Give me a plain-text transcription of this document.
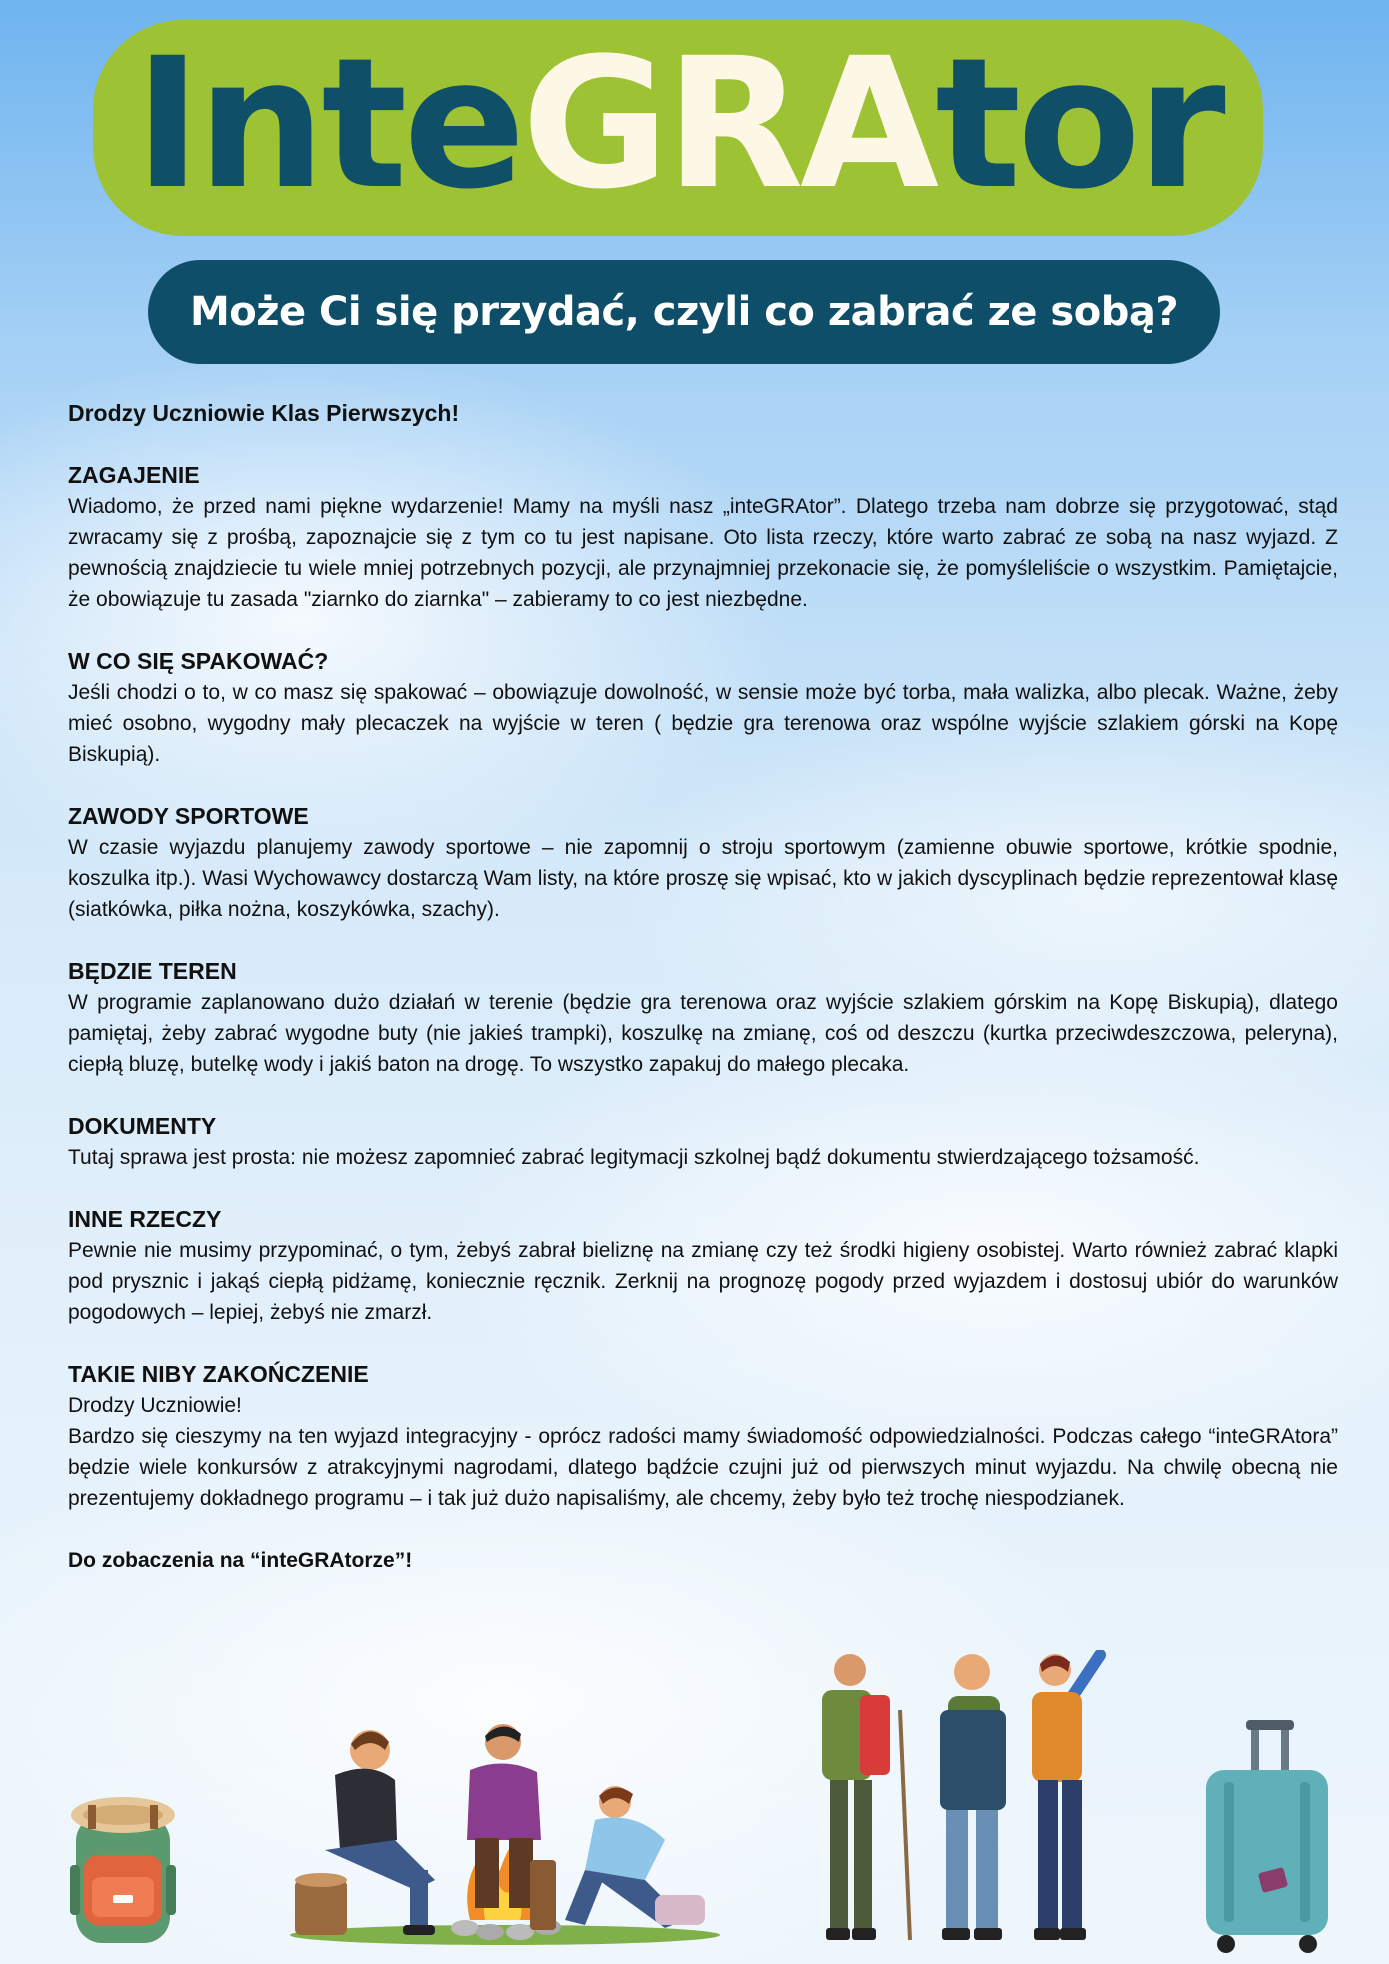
InteGRAtor
Może Ci się przydać, czyli co zabrać ze sobą?

Drodzy Uczniowie Klas Pierwszych!

ZAGAJENIE

Wiadomo, że przed nami piękne wydarzenie! Mamy na myśli nasz „inteGRAtor”. Dlatego trzeba nam dobrze się przygotować, stąd zwracamy się z prośbą, zapoznajcie się z tym co tu jest napisane. Oto lista rzeczy, które warto zabrać ze sobą na nasz wyjazd. Z pewnością znajdziecie tu wiele mniej potrzebnych pozycji, ale przynajmniej przekonacie się, że pomyśleliście o wszystkim. Pamiętajcie, że obowiązuje tu zasada "ziarnko do ziarnka" – zabieramy to co jest niezbędne.

W CO SIĘ SPAKOWAĆ?

Jeśli chodzi o to, w co masz się spakować – obowiązuje dowolność, w sensie może być torba, mała walizka, albo plecak. Ważne, żeby mieć osobno, wygodny mały plecaczek na wyjście w teren ( będzie gra terenowa oraz wspólne wyjście szlakiem górski na Kopę Biskupią).

ZAWODY SPORTOWE

W czasie wyjazdu planujemy zawody sportowe – nie zapomnij o stroju sportowym (zamienne obuwie sportowe, krótkie spodnie, koszulka itp.). Wasi Wychowawcy dostarczą Wam listy, na które proszę się wpisać, kto w jakich dyscyplinach będzie reprezentował klasę (siatkówka, piłka nożna, koszykówka, szachy).

BĘDZIE TEREN

W programie zaplanowano dużo działań w terenie (będzie gra terenowa oraz wyjście szlakiem górskim na Kopę Biskupią), dlatego pamiętaj, żeby zabrać wygodne buty (nie jakieś trampki), koszulkę na zmianę, coś od deszczu (kurtka przeciwdeszczowa, peleryna), ciepłą bluzę, butelkę wody i jakiś baton na drogę. To wszystko zapakuj do małego plecaka.

DOKUMENTY

Tutaj sprawa jest prosta: nie możesz zapomnieć zabrać legitymacji szkolnej bądź dokumentu stwierdzającego tożsamość.

INNE RZECZY

Pewnie nie musimy przypominać, o tym, żebyś zabrał bieliznę na zmianę czy też środki higieny osobistej. Warto również zabrać klapki pod prysznic i jakąś ciepłą pidżamę, koniecznie ręcznik. Zerknij na prognozę pogody przed wyjazdem i dostosuj ubiór do warunków pogodowych – lepiej, żebyś nie zmarzł.

TAKIE NIBY ZAKOŃCZENIE

Drodzy Uczniowie!

Bardzo się cieszymy na ten wyjazd integracyjny - oprócz radości mamy świadomość odpowiedzialności. Podczas całego “inteGRAtora” będzie wiele konkursów z atrakcyjnymi nagrodami, dlatego bądźcie czujni już od pierwszych minut wyjazdu. Na chwilę obecną nie prezentujemy dokładnego programu – i tak już dużo napisaliśmy, ale chcemy, żeby było też trochę niespodzianek.

Do zobaczenia na “inteGRAtorze”!
